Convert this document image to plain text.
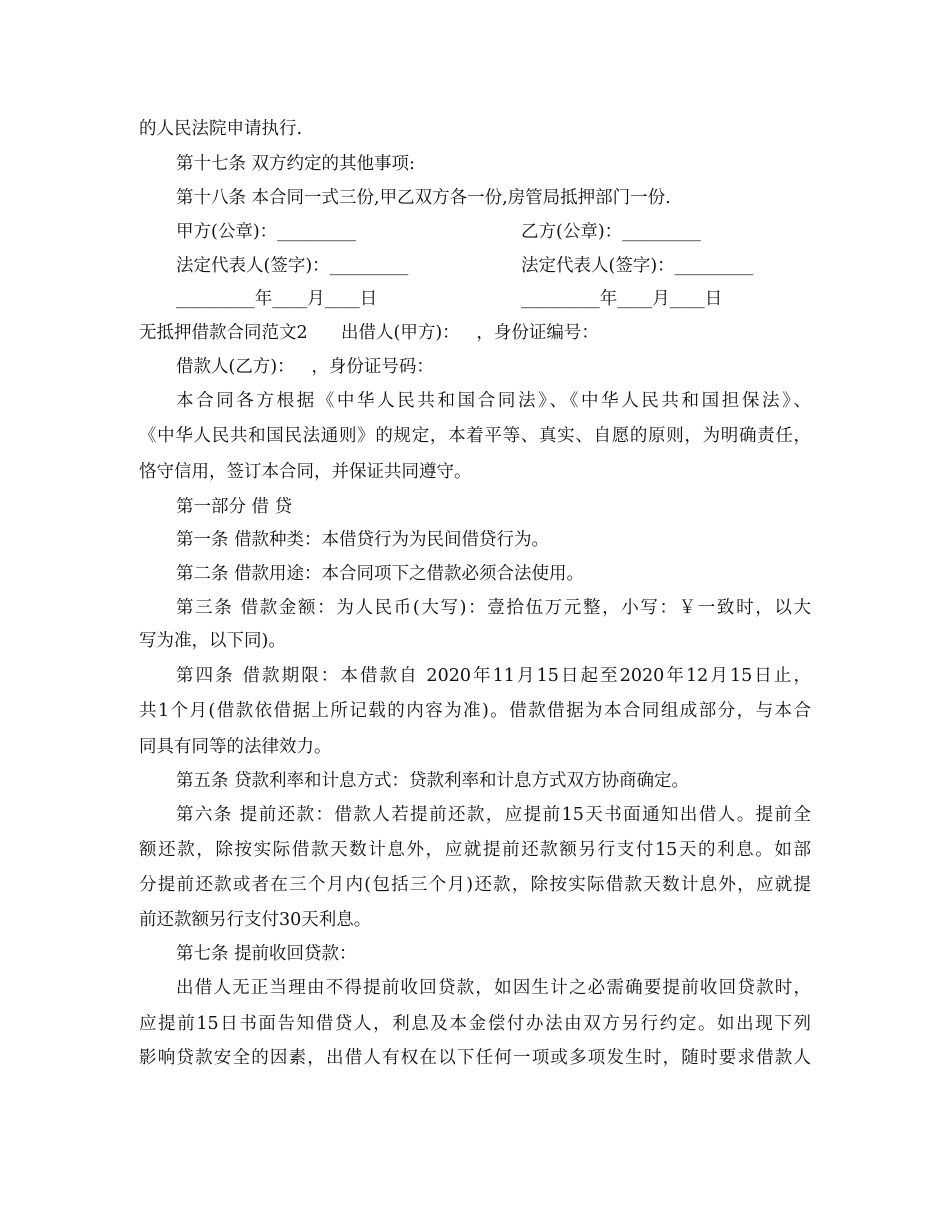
的人民法院申请执行.
第十七条 双方约定的其他事项:
第十八条 本合同一式三份,甲乙双方各一份,房管局抵押部门一份.
甲方(公章)：_________	乙方(公章)：_________
法定代表人(签字)：_________	法定代表人(签字)：_________
_________年____月____日	_________年____月____日
无抵押借款合同范文2      出借人(甲方)：   ，身份证编号：
借款人(乙方)：   ，身份证号码：
本合同各方根据《中华人民共和国合同法》、《中华人民共和国担保法》、
《中华人民共和国民法通则》的规定，本着平等、真实、自愿的原则，为明确责任，
恪守信用，签订本合同，并保证共同遵守。
第一部分 借 贷
第一条 借款种类：本借贷行为为民间借贷行为。
第二条 借款用途：本合同项下之借款必须合法使用。
第三条 借款金额：为人民币(大写)：壹拾伍万元整，小写：￥一致时，以大
写为准，以下同)。
第四条 借款期限：本借款自 2020年11月15日起至2020年12月15日止，
共1个月(借款依借据上所记载的内容为准)。借款借据为本合同组成部分，与本合
同具有同等的法律效力。
第五条 贷款利率和计息方式：贷款利率和计息方式双方协商确定。
第六条 提前还款：借款人若提前还款，应提前15天书面通知出借人。提前全
额还款，除按实际借款天数计息外，应就提前还款额另行支付15天的利息。如部
分提前还款或者在三个月内(包括三个月)还款，除按实际借款天数计息外，应就提
前还款额另行支付30天利息。
第七条 提前收回贷款：
出借人无正当理由不得提前收回贷款，如因生计之必需确要提前收回贷款时，
应提前15日书面告知借贷人，利息及本金偿付办法由双方另行约定。如出现下列
影响贷款安全的因素，出借人有权在以下任何一项或多项发生时，随时要求借款人
